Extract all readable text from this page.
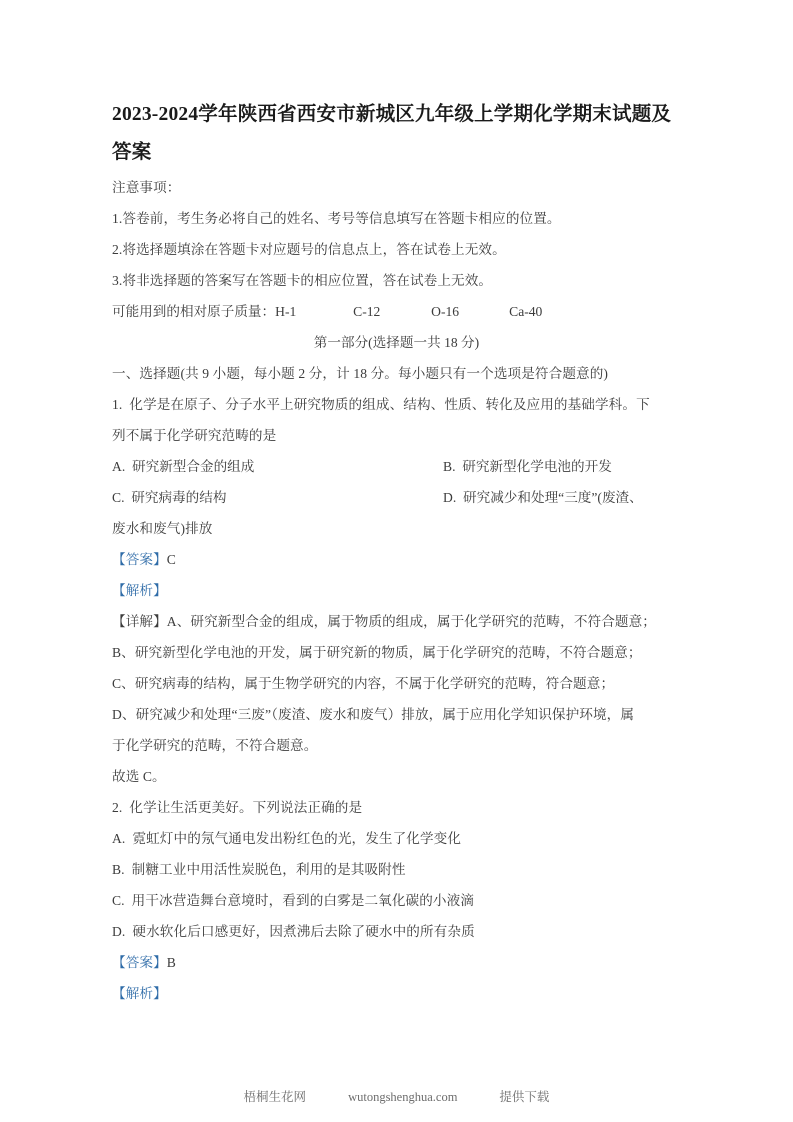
2023-2024学年陕西省西安市新城区九年级上学期化学期末试题及答案
注意事项：
1.答卷前，考生务必将自己的姓名、考号等信息填写在答题卡相应的位置。
2.将选择题填涂在答题卡对应题号的信息点上，答在试卷上无效。
3.将非选择题的答案写在答题卡的相应位置，答在试卷上无效。
可能用到的相对原子质量：H-1	C-12	O-16	Ca-40
第一部分(选择题一共 18 分)
一、选择题(共 9 小题，每小题 2 分，计 18 分。每小题只有一个选项是符合题意的)
1. 化学是在原子、分子水平上研究物质的组成、结构、性质、转化及应用的基础学科。下
列不属于化学研究范畴的是
A. 研究新型合金的组成	B. 研究新型化学电池的开发
C. 研究病毒的结构	D. 研究减少和处理“三度”(废渣、
废水和废气)排放
【答案】C
【解析】
【详解】A、研究新型合金的组成，属于物质的组成，属于化学研究的范畴，不符合题意；
B、研究新型化学电池的开发，属于研究新的物质，属于化学研究的范畴，不符合题意；
C、研究病毒的结构，属于生物学研究的内容，不属于化学研究的范畴，符合题意；
D、研究减少和处理“三废”（废渣、废水和废气）排放，属于应用化学知识保护环境，属
于化学研究的范畴，不符合题意。
故选 C。
2. 化学让生活更美好。下列说法正确的是
A. 霓虹灯中的氖气通电发出粉红色的光，发生了化学变化
B. 制糖工业中用活性炭脱色，利用的是其吸附性
C. 用干冰营造舞台意境时，看到的白雾是二氧化碳的小液滴
D. 硬水软化后口感更好，因煮沸后去除了硬水中的所有杂质
【答案】B
【解析】
梧桐生花网	wutongshenghua.com	提供下载
